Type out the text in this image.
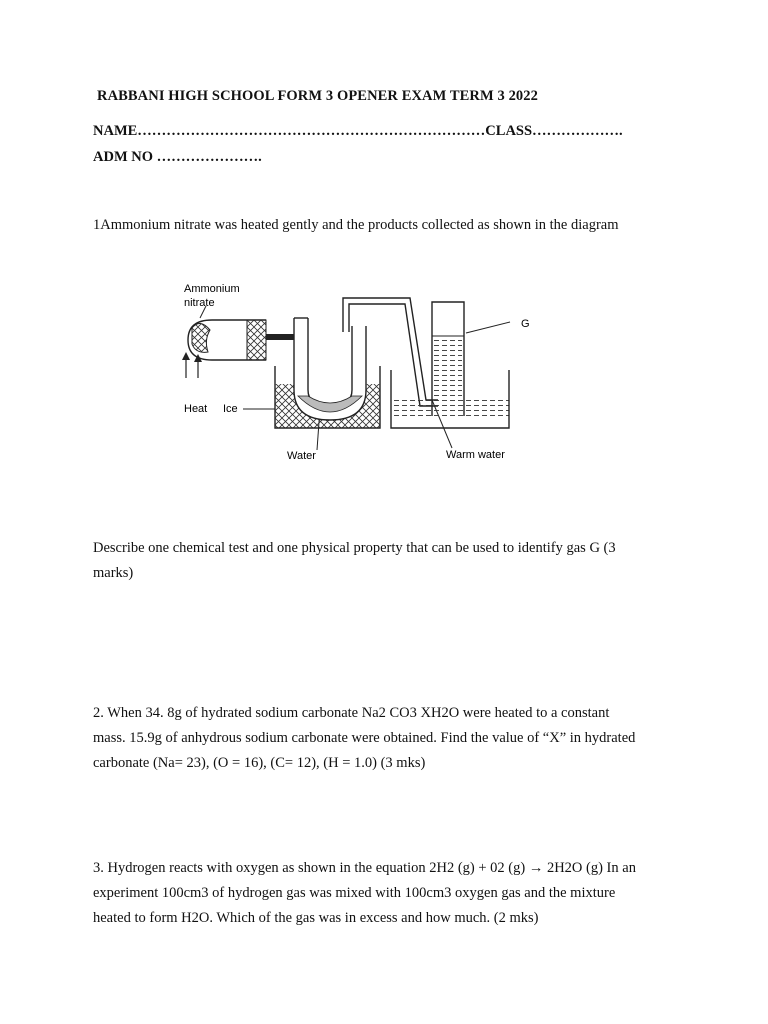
RABBANI HIGH SCHOOL FORM 3 OPENER EXAM TERM 3 2022
NAME………………………………………………………………CLASS……………….
ADM NO ………………….
1Ammonium nitrate was heated gently and the products collected as shown in the diagram
Ammonium
nitrate
Heat Ice
Water	Warm water
G
Describe one chemical test and one physical property that can be used to identify gas G (3
marks)
2. When 34. 8g of hydrated sodium carbonate Na2 CO3 XH2O were heated to a constant
mass. 15.9g of anhydrous sodium carbonate were obtained. Find the value of “X” in hydrated
carbonate (Na= 23), (O = 16), (C= 12), (H = 1.0) (3 mks)
3. Hydrogen reacts with oxygen as shown in the equation 2H2 (g) + 02 (g) → 2H2O (g) In an
experiment 100cm3 of hydrogen gas was mixed with 100cm3 oxygen gas and the mixture
heated to form H2O. Which of the gas was in excess and how much. (2 mks)
